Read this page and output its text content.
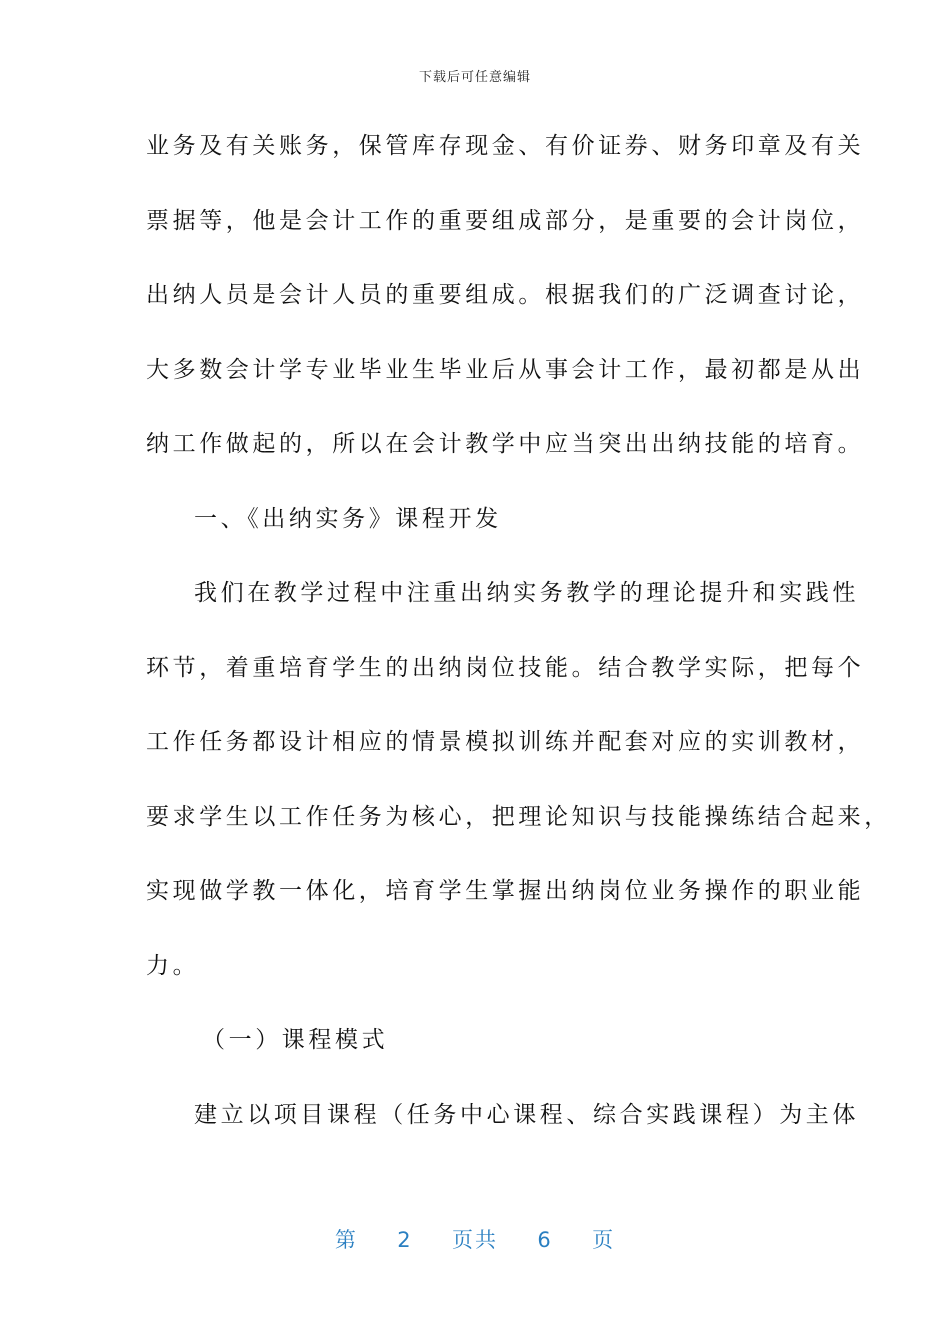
下载后可任意编辑
业务及有关账务，保管库存现金、有价证券、财务印章及有关
票据等，他是会计工作的重要组成部分，是重要的会计岗位，
出纳人员是会计人员的重要组成。根据我们的广泛调查讨论，
大多数会计学专业毕业生毕业后从事会计工作，最初都是从出
纳工作做起的，所以在会计教学中应当突出出纳技能的培育。
一、《出纳实务》课程开发
我们在教学过程中注重出纳实务教学的理论提升和实践性
环节，着重培育学生的出纳岗位技能。结合教学实际，把每个
工作任务都设计相应的情景模拟训练并配套对应的实训教材，
要求学生以工作任务为核心，把理论知识与技能操练结合起来，
实现做学教一体化，培育学生掌握出纳岗位业务操作的职业能
力。
（一）课程模式
建立以项目课程（任务中心课程、综合实践课程）为主体
第 2 页共 6 页
